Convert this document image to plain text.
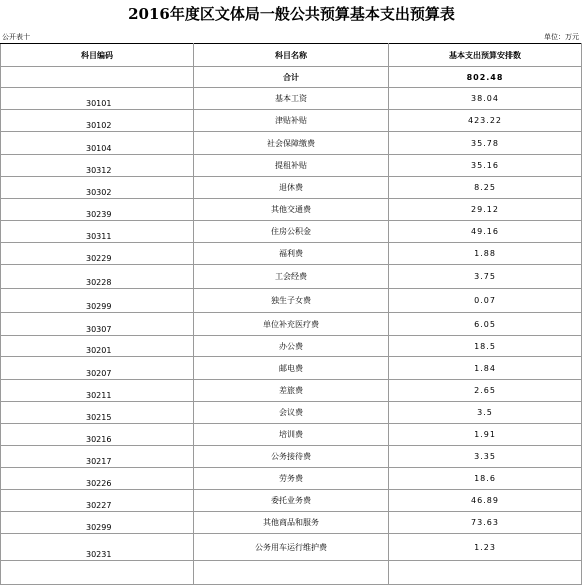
2016年度区文体局一般公共预算基本支出预算表
公开表十	单位：万元
科目编码	科目名称	基本支出预算安排数
	合计	802.48
30101	基本工资	38.04
30102	津贴补贴	423.22
30104	社会保障缴费	35.78
30312	提租补贴	35.16
30302	退休费	8.25
30239	其他交通费	29.12
30311	住房公积金	49.16
30229	福利费	1.88
30228	工会经费	3.75
30299	独生子女费	0.07
30307	单位补充医疗费	6.05
30201	办公费	18.5
30207	邮电费	1.84
30211	差旅费	2.65
30215	会议费	3.5
30216	培训费	1.91
30217	公务接待费	3.35
30226	劳务费	18.6
30227	委托业务费	46.89
30299	其他商品和服务	73.63
30231	公务用车运行维护费	1.23
